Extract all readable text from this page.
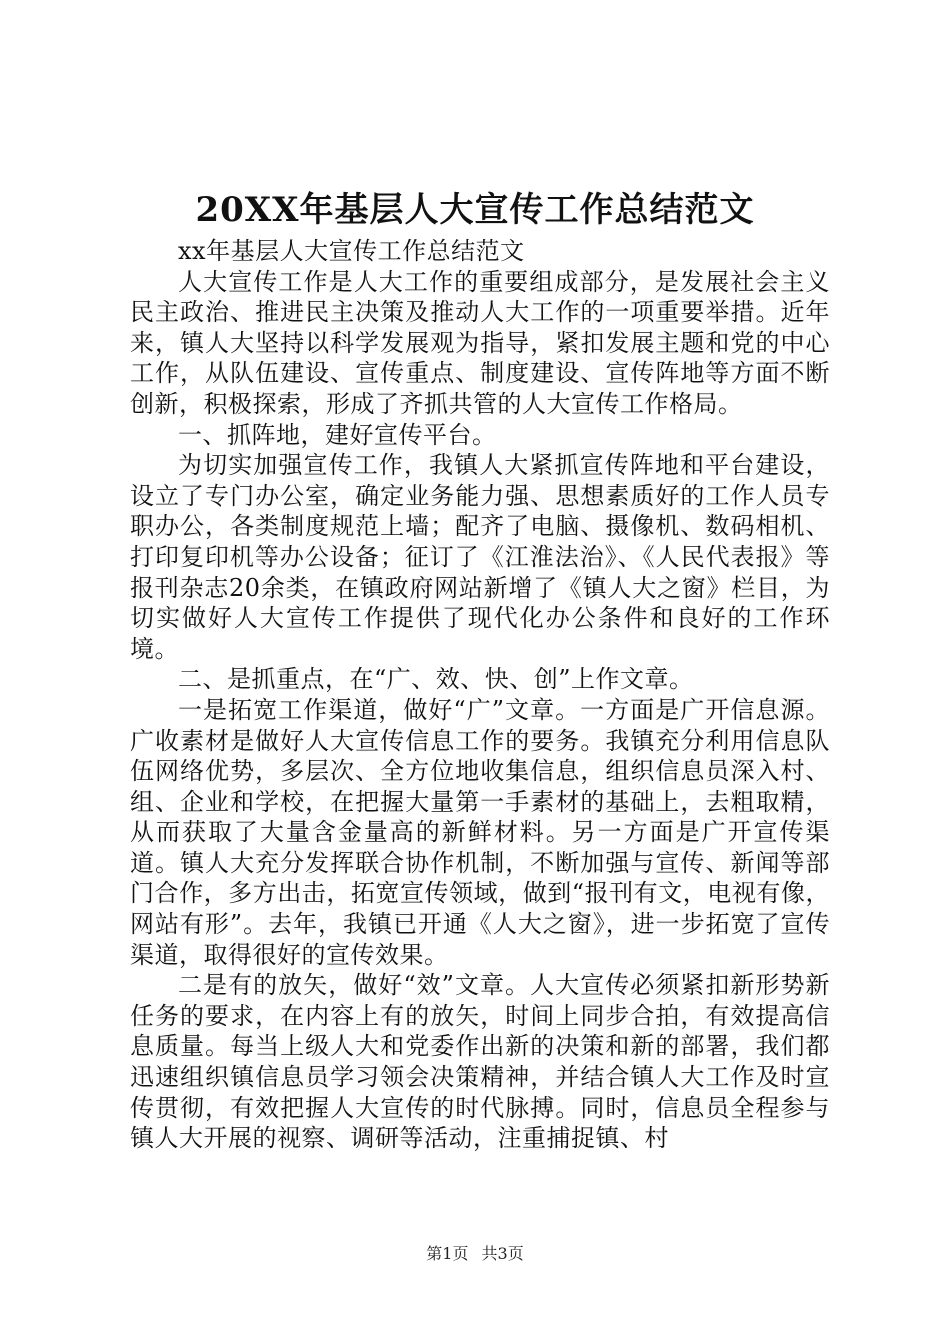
20XX年基层人大宣传工作总结范文

xx年基层人大宣传工作总结范文

人大宣传工作是人大工作的重要组成部分，是发展社会主义民主政治、推进民主决策及推动人大工作的一项重要举措。近年来，镇人大坚持以科学发展观为指导，紧扣发展主题和党的中心工作，从队伍建设、宣传重点、制度建设、宣传阵地等方面不断创新，积极探索，形成了齐抓共管的人大宣传工作格局。

一、抓阵地，建好宣传平台。

为切实加强宣传工作，我镇人大紧抓宣传阵地和平台建设，设立了专门办公室，确定业务能力强、思想素质好的工作人员专职办公，各类制度规范上墙；配齐了电脑、摄像机、数码相机、打印复印机等办公设备；征订了《江淮法治》、《人民代表报》等报刊杂志20余类，在镇政府网站新增了《镇人大之窗》栏目，为切实做好人大宣传工作提供了现代化办公条件和良好的工作环境。

二、是抓重点，在“广、效、快、创”上作文章。

一是拓宽工作渠道，做好“广”文章。一方面是广开信息源。广收素材是做好人大宣传信息工作的要务。我镇充分利用信息队伍网络优势，多层次、全方位地收集信息，组织信息员深入村、组、企业和学校，在把握大量第一手素材的基础上，去粗取精，从而获取了大量含金量高的新鲜材料。另一方面是广开宣传渠道。镇人大充分发挥联合协作机制，不断加强与宣传、新闻等部门合作，多方出击，拓宽宣传领域，做到“报刊有文，电视有像，网站有形”。去年，我镇已开通《人大之窗》，进一步拓宽了宣传渠道，取得很好的宣传效果。

二是有的放矢，做好“效”文章。人大宣传必须紧扣新形势新任务的要求，在内容上有的放矢，时间上同步合拍，有效提高信息质量。每当上级人大和党委作出新的决策和新的部署，我们都迅速组织镇信息员学习领会决策精神，并结合镇人大工作及时宣传贯彻，有效把握人大宣传的时代脉搏。同时，信息员全程参与镇人大开展的视察、调研等活动，注重捕捉镇、村

第1页 共3页
